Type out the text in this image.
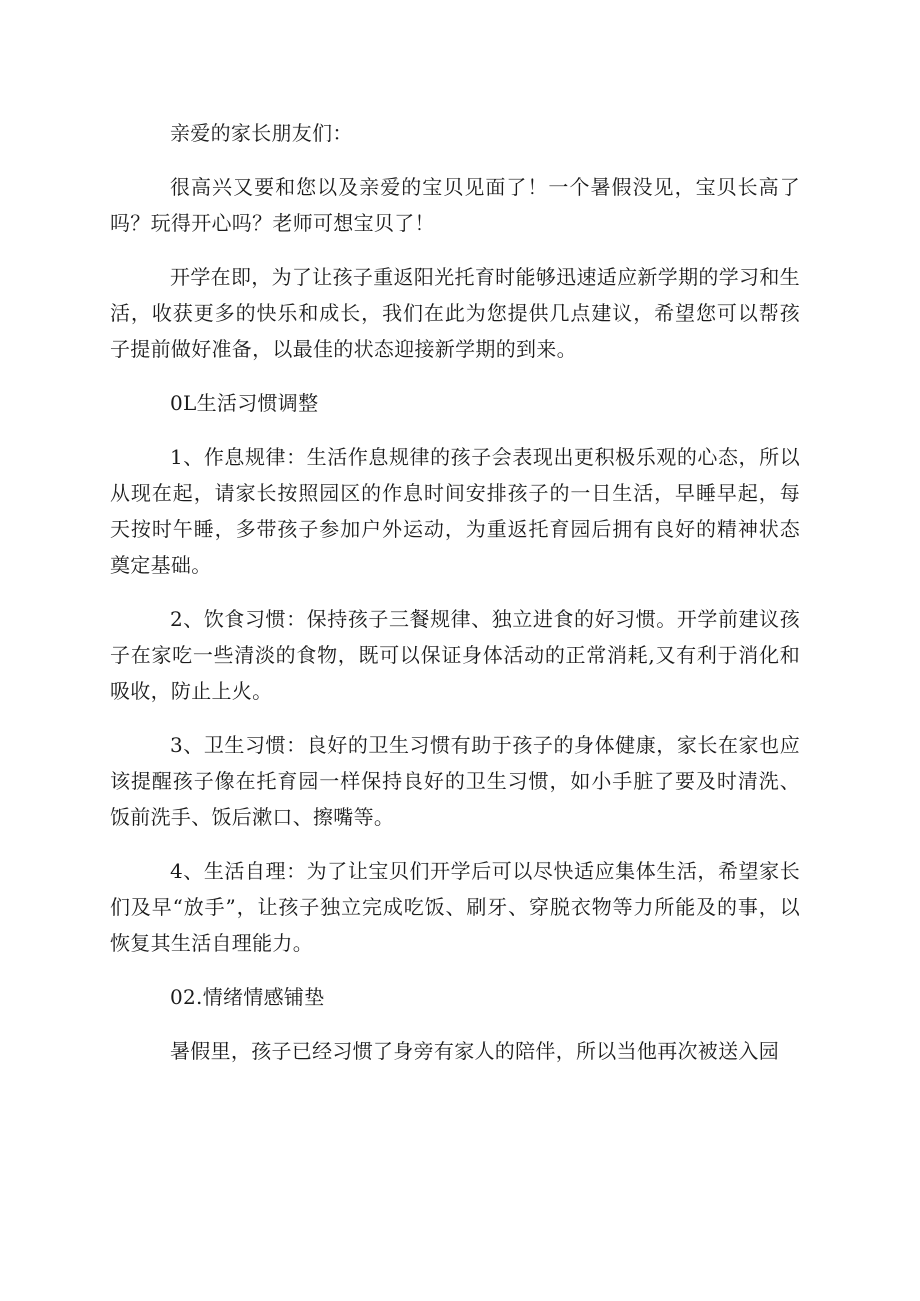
亲爱的家长朋友们：

很高兴又要和您以及亲爱的宝贝见面了！一个暑假没见，宝贝长高了吗？玩得开心吗？老师可想宝贝了！

开学在即，为了让孩子重返阳光托育时能够迅速适应新学期的学习和生活，收获更多的快乐和成长，我们在此为您提供几点建议，希望您可以帮孩子提前做好准备，以最佳的状态迎接新学期的到来。

0L生活习惯调整

1、作息规律：生活作息规律的孩子会表现出更积极乐观的心态，所以从现在起，请家长按照园区的作息时间安排孩子的一日生活，早睡早起，每天按时午睡，多带孩子参加户外运动，为重返托育园后拥有良好的精神状态奠定基础。

2、饮食习惯：保持孩子三餐规律、独立进食的好习惯。开学前建议孩子在家吃一些清淡的食物，既可以保证身体活动的正常消耗,又有利于消化和吸收，防止上火。

3、卫生习惯：良好的卫生习惯有助于孩子的身体健康，家长在家也应该提醒孩子像在托育园一样保持良好的卫生习惯，如小手脏了要及时清洗、饭前洗手、饭后漱口、擦嘴等。

4、生活自理：为了让宝贝们开学后可以尽快适应集体生活，希望家长们及早“放手”，让孩子独立完成吃饭、刷牙、穿脱衣物等力所能及的事，以恢复其生活自理能力。

02.情绪情感铺垫

暑假里，孩子已经习惯了身旁有家人的陪伴，所以当他再次被送入园
